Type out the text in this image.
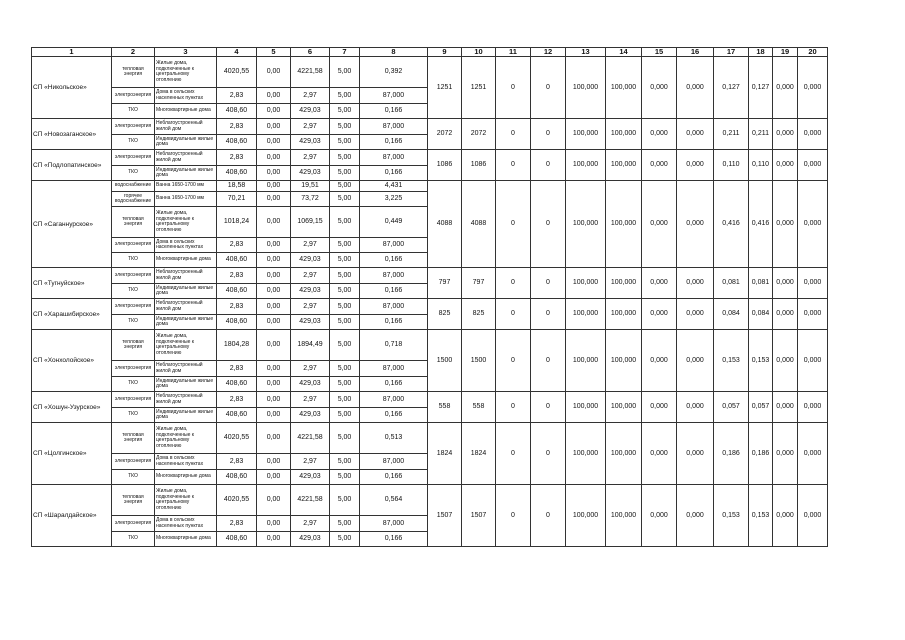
1	2	3	4	5	6	7	8	9	10	11	12	13	14	15	16	17	18	19	20
СП «Никольское»	тепловая энергия	Жилые дома, подключенные к центральному отоплению	4020,55	0,00	4221,58	5,00	0,392	1251	1251	0	0	100,000	100,000	0,000	0,000	0,127	0,127	0,000	0,000
	электроэнергия	Дома в сельских населенных пунктах	2,83	0,00	2,97	5,00	87,000												
	ТКО	Многоквартирные дома	408,60	0,00	429,03	5,00	0,166												
СП «Новозаганское»	электроэнергия	Неблагоустроенный жилой дом	2,83	0,00	2,97	5,00	87,000	2072	2072	0	0	100,000	100,000	0,000	0,000	0,211	0,211	0,000	0,000
	ТКО	Индивидуальные жилые дома	408,60	0,00	429,03	5,00	0,166												
СП «Подлопатинское»	электроэнергия	Неблагоустроенный жилой дом	2,83	0,00	2,97	5,00	87,000	1086	1086	0	0	100,000	100,000	0,000	0,000	0,110	0,110	0,000	0,000
	ТКО	Индивидуальные жилые дома	408,60	0,00	429,03	5,00	0,166												
СП «Саганнурское»	водоснабжение	Ванна 1650-1700 мм	18,58	0,00	19,51	5,00	4,431	4088	4088	0	0	100,000	100,000	0,000	0,000	0,416	0,416	0,000	0,000
	горячее водоснабжение	Ванна 1650-1700 мм	70,21	0,00	73,72	5,00	3,225												
	тепловая энергия	Жилые дома, подключенные к центральному отоплению	1018,24	0,00	1069,15	5,00	0,449												
	электроэнергия	Дома в сельских населенных пунктах	2,83	0,00	2,97	5,00	87,000												
	ТКО	Многоквартирные дома	408,60	0,00	429,03	5,00	0,166												
СП «Тугнуйское»	электроэнергия	Неблагоустроенный жилой дом	2,83	0,00	2,97	5,00	87,000	797	797	0	0	100,000	100,000	0,000	0,000	0,081	0,081	0,000	0,000
	ТКО	Индивидуальные жилые дома	408,60	0,00	429,03	5,00	0,166												
СП «Харашибирское»	электроэнергия	Неблагоустроенный жилой дом	2,83	0,00	2,97	5,00	87,000	825	825	0	0	100,000	100,000	0,000	0,000	0,084	0,084	0,000	0,000
	ТКО	Индивидуальные жилые дома	408,60	0,00	429,03	5,00	0,166												
СП «Хонхолойское»	тепловая энергия	Жилые дома, подключенные к центральному отоплению	1804,28	0,00	1894,49	5,00	0,718	1500	1500	0	0	100,000	100,000	0,000	0,000	0,153	0,153	0,000	0,000
	электроэнергия	Неблагоустроенный жилой дом	2,83	0,00	2,97	5,00	87,000												
	ТКО	Индивидуальные жилые дома	408,60	0,00	429,03	5,00	0,166												
СП «Хошун-Узурское»	электроэнергия	Неблагоустроенный жилой дом	2,83	0,00	2,97	5,00	87,000	558	558	0	0	100,000	100,000	0,000	0,000	0,057	0,057	0,000	0,000
	ТКО	Индивидуальные жилые дома	408,60	0,00	429,03	5,00	0,166												
СП «Цолгинское»	тепловая энергия	Жилые дома, подключенные к центральному отоплению	4020,55	0,00	4221,58	5,00	0,513	1824	1824	0	0	100,000	100,000	0,000	0,000	0,186	0,186	0,000	0,000
	электроэнергия	Дома в сельских населенных пунктах	2,83	0,00	2,97	5,00	87,000												
	ТКО	Многоквартирные дома	408,60	0,00	429,03	5,00	0,166												
СП «Шаралдайское»	тепловая энергия	Жилые дома, подключенные к центральному отоплению	4020,55	0,00	4221,58	5,00	0,564	1507	1507	0	0	100,000	100,000	0,000	0,000	0,153	0,153	0,000	0,000
	электроэнергия	Дома в сельских населенных пунктах	2,83	0,00	2,97	5,00	87,000												
	ТКО	Многоквартирные дома	408,60	0,00	429,03	5,00	0,166												
